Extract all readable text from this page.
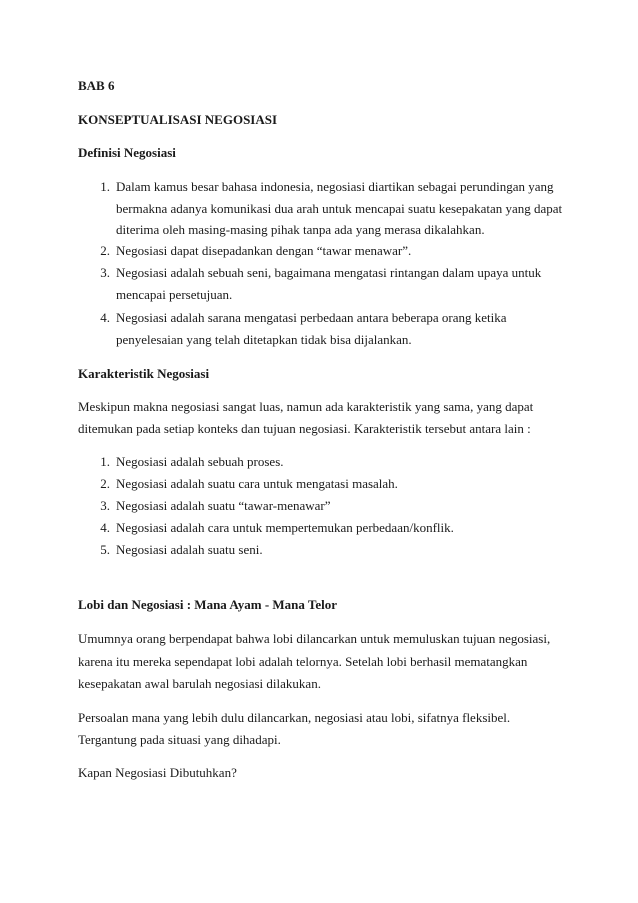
BAB 6
KONSEPTUALISASI NEGOSIASI
Definisi Negosiasi
1. Dalam kamus besar bahasa indonesia, negosiasi diartikan sebagai perundingan yang
bermakna adanya komunikasi dua arah untuk mencapai suatu kesepakatan yang dapat
diterima oleh masing-masing pihak tanpa ada yang merasa dikalahkan.
2. Negosiasi dapat disepadankan dengan “tawar menawar”.
3. Negosiasi adalah sebuah seni, bagaimana mengatasi rintangan dalam upaya untuk
mencapai persetujuan.
4. Negosiasi adalah sarana mengatasi perbedaan antara beberapa orang ketika
penyelesaian yang telah ditetapkan tidak bisa dijalankan.
Karakteristik Negosiasi
Meskipun makna negosiasi sangat luas, namun ada karakteristik yang sama, yang dapat
ditemukan pada setiap konteks dan tujuan negosiasi. Karakteristik tersebut antara lain :
1. Negosiasi adalah sebuah proses.
2. Negosiasi adalah suatu cara untuk mengatasi masalah.
3. Negosiasi adalah suatu “tawar-menawar”
4. Negosiasi adalah cara untuk mempertemukan perbedaan/konflik.
5. Negosiasi adalah suatu seni.
Lobi dan Negosiasi : Mana Ayam - Mana Telor
Umumnya orang berpendapat bahwa lobi dilancarkan untuk memuluskan tujuan negosiasi,
karena itu mereka sependapat lobi adalah telornya. Setelah lobi berhasil mematangkan
kesepakatan awal barulah negosiasi dilakukan.
Persoalan mana yang lebih dulu dilancarkan, negosiasi atau lobi, sifatnya fleksibel.
Tergantung pada situasi yang dihadapi.
Kapan Negosiasi Dibutuhkan?
